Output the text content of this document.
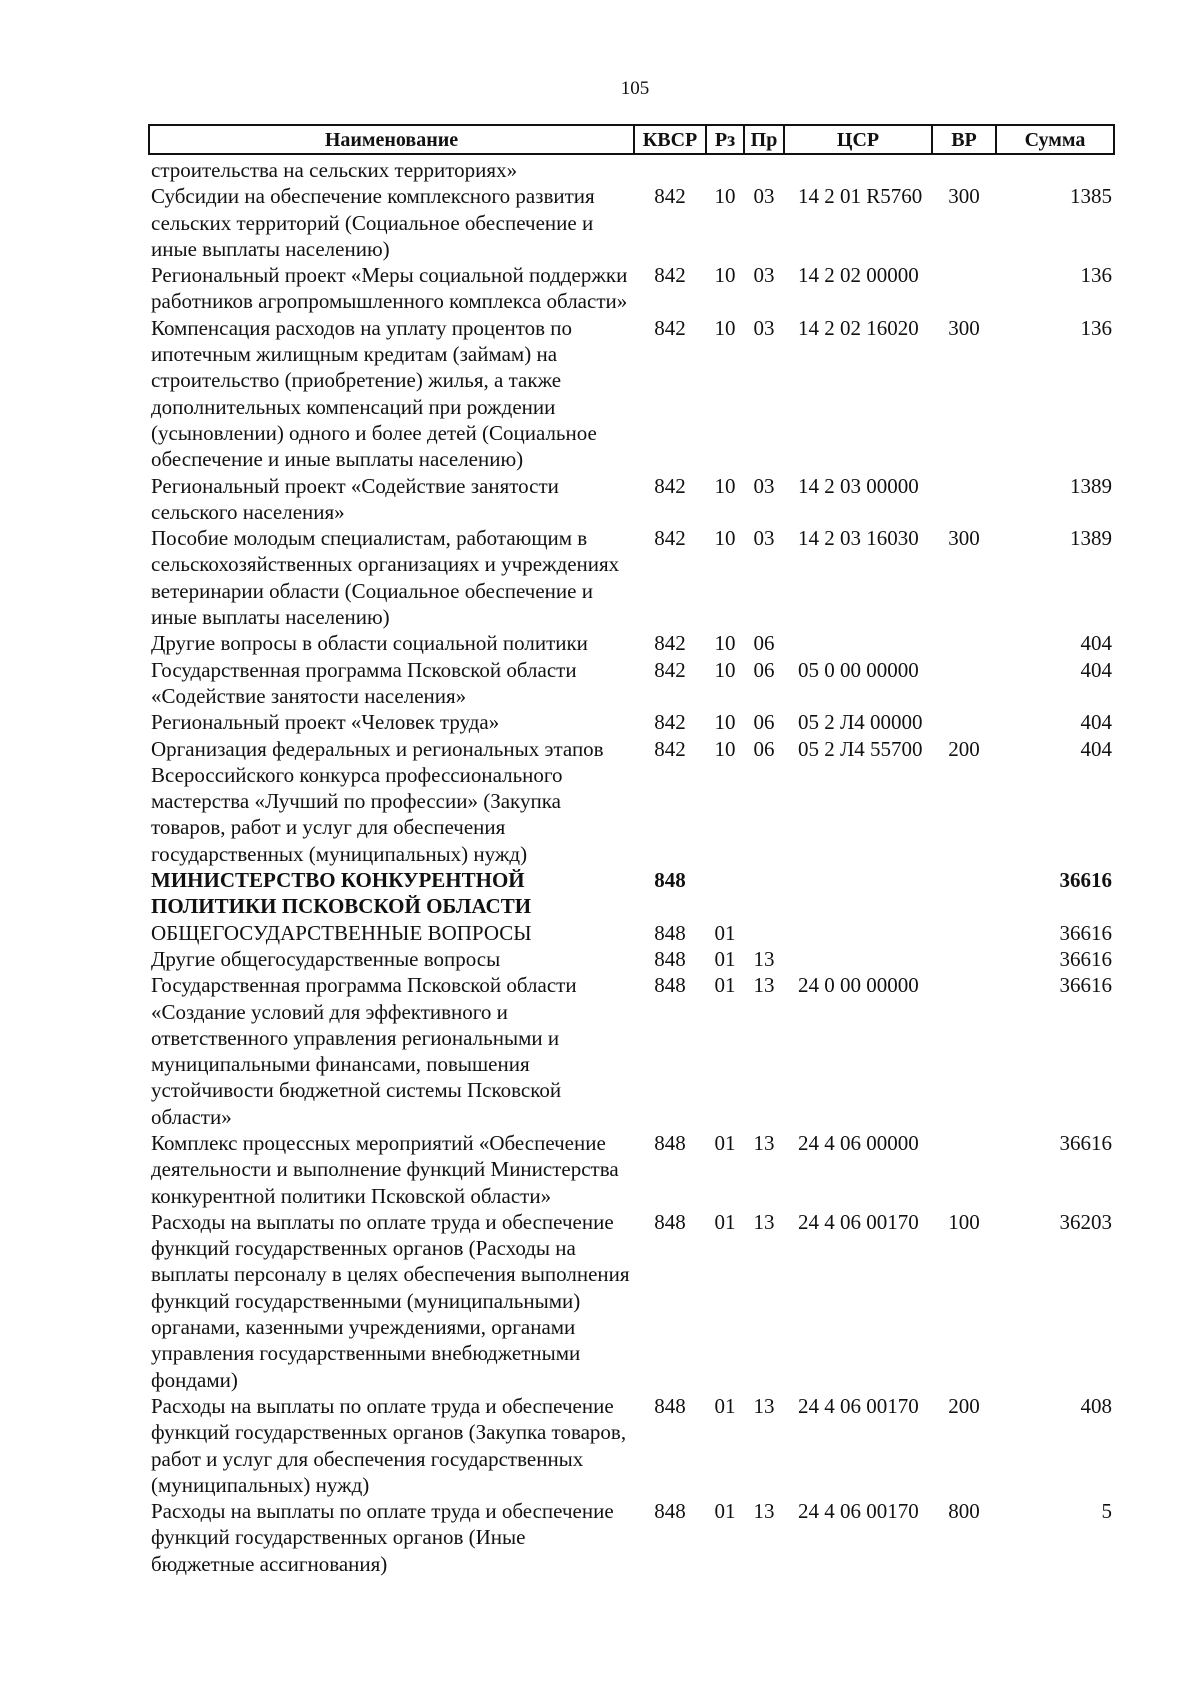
105
Наименование	КВСР	Рз	Пр	ЦСР	ВР	Сумма
строительства на сельских территориях»						
Субсидии на обеспечение комплексного развития сельских территорий (Социальное обеспечение и иные выплаты населению)	842	10	03	14 2 01 R5760	300	1385
Региональный проект «Меры социальной поддержки работников агропромышленного комплекса области»	842	10	03	14 2 02 00000		136
Компенсация расходов на уплату процентов по ипотечным жилищным кредитам (займам) на строительство (приобретение) жилья, а также дополнительных компенсаций при рождении (усыновлении) одного и более детей (Социальное обеспечение и иные выплаты населению)	842	10	03	14 2 02 16020	300	136
Региональный проект «Содействие занятости сельского населения»	842	10	03	14 2 03 00000		1389
Пособие молодым специалистам, работающим в сельскохозяйственных организациях и учреждениях ветеринарии области (Социальное обеспечение и иные выплаты населению)	842	10	03	14 2 03 16030	300	1389
Другие вопросы в области социальной политики	842	10	06			404
Государственная программа Псковской области «Содействие занятости населения»	842	10	06	05 0 00 00000		404
Региональный проект «Человек труда»	842	10	06	05 2 Л4 00000		404
Организация федеральных и региональных этапов Всероссийского конкурса профессионального мастерства «Лучший по профессии» (Закупка товаров, работ и услуг для обеспечения государственных (муниципальных) нужд)	842	10	06	05 2 Л4 55700	200	404
МИНИСТЕРСТВО КОНКУРЕНТНОЙ ПОЛИТИКИ ПСКОВСКОЙ ОБЛАСТИ	848					36616
ОБЩЕГОСУДАРСТВЕННЫЕ ВОПРОСЫ	848	01				36616
Другие общегосударственные вопросы	848	01	13			36616
Государственная программа Псковской области «Создание условий для эффективного и ответственного управления региональными и муниципальными финансами, повышения устойчивости бюджетной системы Псковской области»	848	01	13	24 0 00 00000		36616
Комплекс процессных мероприятий «Обеспечение деятельности и выполнение функций Министерства конкурентной политики Псковской области»	848	01	13	24 4 06 00000		36616
Расходы на выплаты по оплате труда и обеспечение функций государственных органов (Расходы на выплаты персоналу в целях обеспечения выполнения функций государственными (муниципальными) органами, казенными учреждениями, органами управления государственными внебюджетными фондами)	848	01	13	24 4 06 00170	100	36203
Расходы на выплаты по оплате труда и обеспечение функций государственных органов (Закупка товаров, работ и услуг для обеспечения государственных (муниципальных) нужд)	848	01	13	24 4 06 00170	200	408
Расходы на выплаты по оплате труда и обеспечение функций государственных органов (Иные бюджетные ассигнования)	848	01	13	24 4 06 00170	800	5
